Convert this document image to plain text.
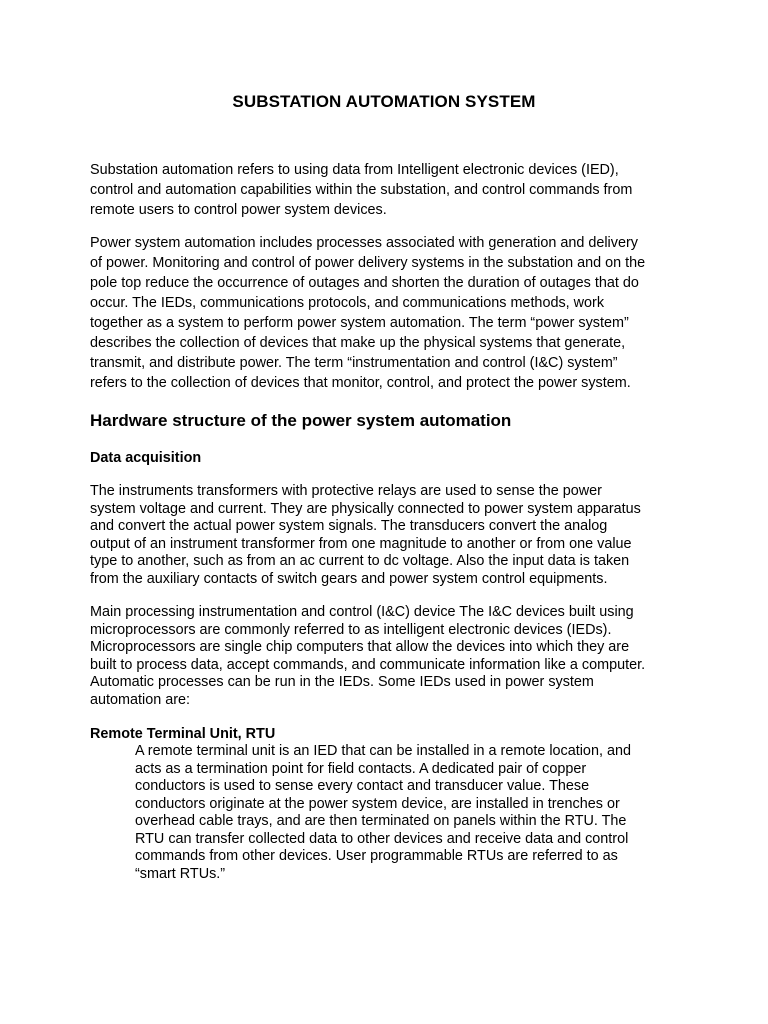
SUBSTATION AUTOMATION SYSTEM

Substation automation refers to using data from Intelligent electronic devices (IED),
control and automation capabilities within the substation, and control commands from
remote users to control power system devices.

Power system automation includes processes associated with generation and delivery
of power. Monitoring and control of power delivery systems in the substation and on the
pole top reduce the occurrence of outages and shorten the duration of outages that do
occur. The IEDs, communications protocols, and communications methods, work
together as a system to perform power system automation. The term “power system”
describes the collection of devices that make up the physical systems that generate,
transmit, and distribute power. The term “instrumentation and control (I&C) system”
refers to the collection of devices that monitor, control, and protect the power system.

Hardware structure of the power system automation
Data acquisition

The instruments transformers with protective relays are used to sense the power
system voltage and current. They are physically connected to power system apparatus
and convert the actual power system signals. The transducers convert the analog
output of an instrument transformer from one magnitude to another or from one value
type to another, such as from an ac current to dc voltage. Also the input data is taken
from the auxiliary contacts of switch gears and power system control equipments.

Main processing instrumentation and control (I&C) device The I&C devices built using
microprocessors are commonly referred to as intelligent electronic devices (IEDs).
Microprocessors are single chip computers that allow the devices into which they are
built to process data, accept commands, and communicate information like a computer.
Automatic processes can be run in the IEDs. Some IEDs used in power system
automation are:

Remote Terminal Unit, RTU

A remote terminal unit is an IED that can be installed in a remote location, and
acts as a termination point for field contacts. A dedicated pair of copper
conductors is used to sense every contact and transducer value. These
conductors originate at the power system device, are installed in trenches or
overhead cable trays, and are then terminated on panels within the RTU. The
RTU can transfer collected data to other devices and receive data and control
commands from other devices. User programmable RTUs are referred to as
“smart RTUs.”
